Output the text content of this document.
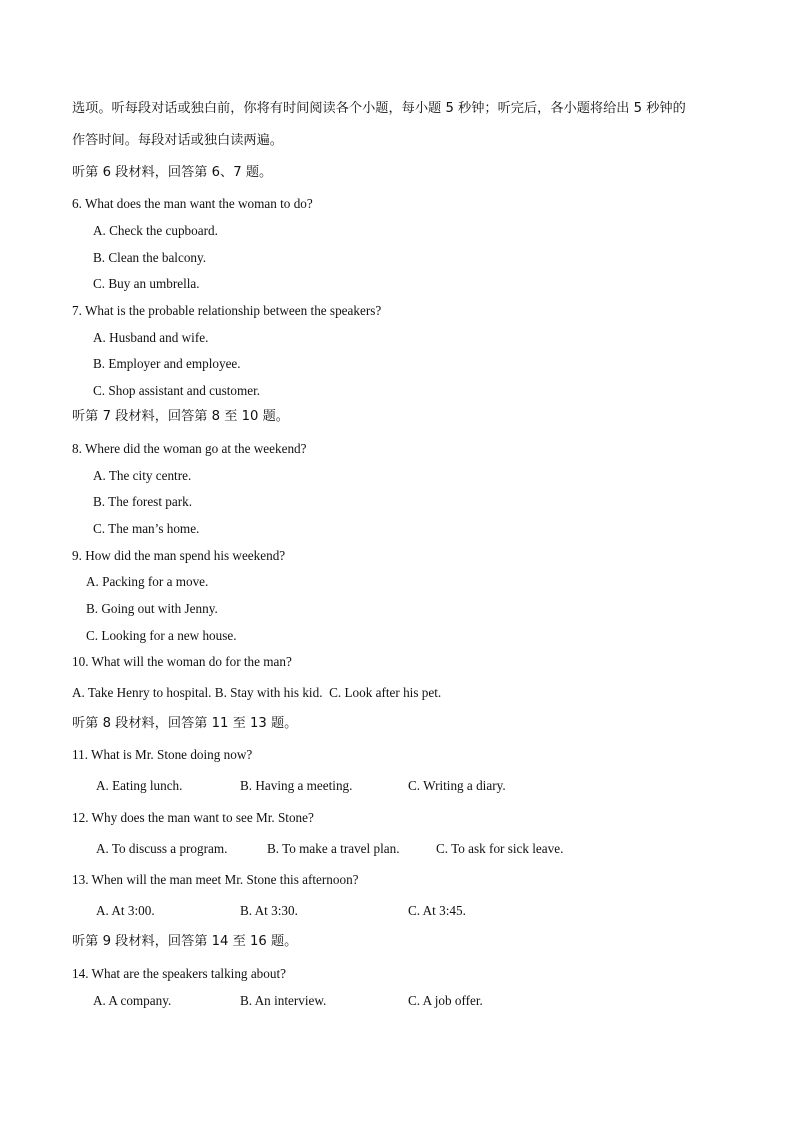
选项。听每段对话或独白前，你将有时间阅读各个小题，每小题 5 秒钟；听完后，各小题将给出 5 秒钟的
作答时间。每段对话或独白读两遍。
听第 6 段材料，回答第 6、7 题。
6. What does the man want the woman to do?
A. Check the cupboard.
B. Clean the balcony.
C. Buy an umbrella.
7. What is the probable relationship between the speakers?
A. Husband and wife.
B. Employer and employee.
C. Shop assistant and customer.
听第 7 段材料，回答第 8 至 10 题。
8. Where did the woman go at the weekend?
A. The city centre.
B. The forest park.
C. The man’s home.
9. How did the man spend his weekend?
A. Packing for a move.
B. Going out with Jenny.
C. Looking for a new house.
10. What will the woman do for the man?
A. Take Henry to hospital. B. Stay with his kid. C. Look after his pet.
听第 8 段材料，回答第 11 至 13 题。
11. What is Mr. Stone doing now?
A. Eating lunch.	B. Having a meeting.	C. Writing a diary.
12. Why does the man want to see Mr. Stone?
A. To discuss a program.	B. To make a travel plan.	C. To ask for sick leave.
13. When will the man meet Mr. Stone this afternoon?
A. At 3:00.	B. At 3:30.	C. At 3:45.
听第 9 段材料，回答第 14 至 16 题。
14. What are the speakers talking about?
A. A company.	B. An interview.	C. A job offer.
